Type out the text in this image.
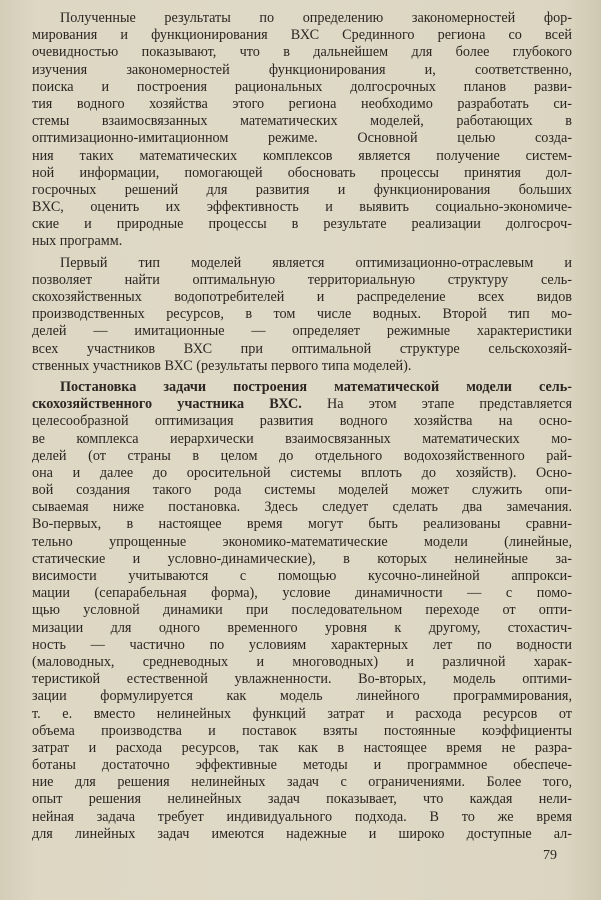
Полученные результаты по определению закономерностей фор-
мирования и функционирования ВХС Срединного региона со всей
очевидностью показывают, что в дальнейшем для более глубокого
изучения закономерностей функционирования и, соответственно,
поиска и построения рациональных долгосрочных планов разви-
тия водного хозяйства этого региона необходимо разработать си-
стемы взаимосвязанных математических моделей, работающих в
оптимизационно-имитационном режиме. Основной целью созда-
ния таких математических комплексов является получение систем-
ной информации, помогающей обосновать процессы принятия дол-
госрочных решений для развития и функционирования больших
ВХС, оценить их эффективность и выявить социально-экономиче-
ские и природные процессы в результате реализации долгосроч-
ных программ.
Первый тип моделей является оптимизационно-отраслевым и
позволяет найти оптимальную территориальную структуру сель-
скохозяйственных водопотребителей и распределение всех видов
производственных ресурсов, в том числе водных. Второй тип мо-
делей — имитационные — определяет режимные характеристики
всех участников ВХС при оптимальной структуре сельскохозяй-
ственных участников ВХС (результаты первого типа моделей).
Постановка задачи построения математической модели сель-
скохозяйственного участника ВХС. На этом этапе представляется
целесообразной оптимизация развития водного хозяйства на осно-
ве комплекса иерархически взаимосвязанных математических мо-
делей (от страны в целом до отдельного водохозяйственного рай-
она и далее до оросительной системы вплоть до хозяйств). Осно-
вой создания такого рода системы моделей может служить опи-
сываемая ниже постановка. Здесь следует сделать два замечания.
Во-первых, в настоящее время могут быть реализованы сравни-
тельно упрощенные экономико-математические модели (линейные,
статические и условно-динамические), в которых нелинейные за-
висимости учитываются с помощью кусочно-линейной аппрокси-
мации (сепарабельная форма), условие динамичности — с помо-
щью условной динамики при последовательном переходе от опти-
мизации для одного временного уровня к другому, стохастич-
ность — частично по условиям характерных лет по водности
(маловодных, средневодных и многоводных) и различной харак-
теристикой естественной увлажненности. Во-вторых, модель оптими-
зации формулируется как модель линейного программирования,
т. е. вместо нелинейных функций затрат и расхода ресурсов от
объема производства и поставок взяты постоянные коэффициенты
затрат и расхода ресурсов, так как в настоящее время не разра-
ботаны достаточно эффективные методы и программное обеспече-
ние для решения нелинейных задач с ограничениями. Более того,
опыт решения нелинейных задач показывает, что каждая нели-
нейная задача требует индивидуального подхода. В то же время
для линейных задач имеются надежные и широко доступные ал-
79
